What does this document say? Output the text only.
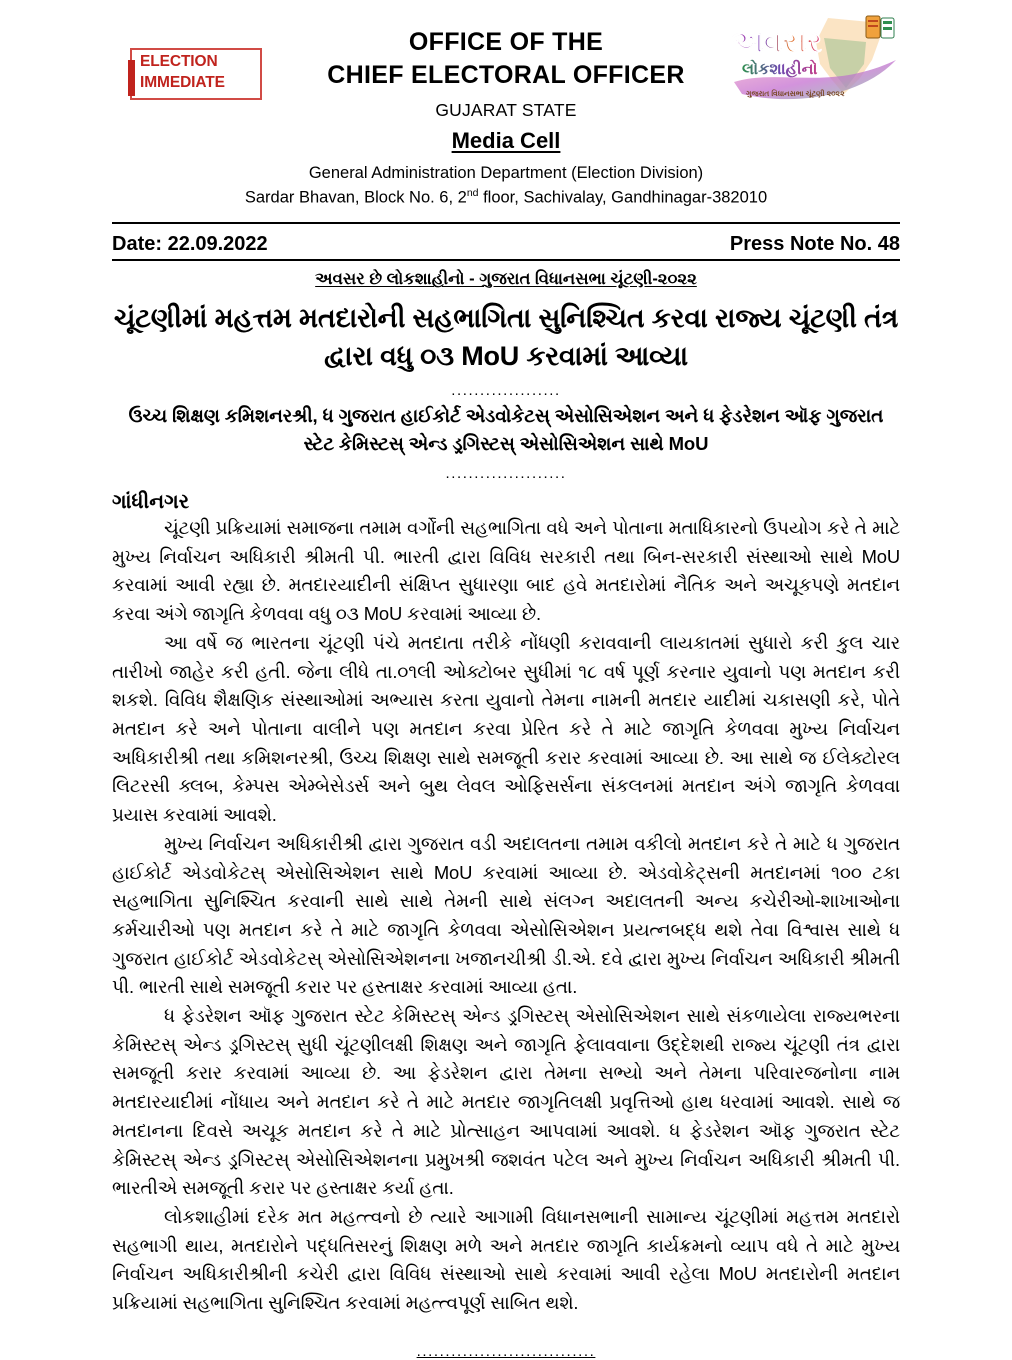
ELECTION
IMMEDIATE
અવસર
લોકશાહીનો
ગુજરાત વિધાનસભા ચૂંટણી ૨૦૨૨
OFFICE OF THE
CHIEF ELECTORAL OFFICER
GUJARAT STATE
Media Cell
General Administration Department (Election Division)
Sardar Bhavan, Block No. 6, 2nd floor, Sachivalay, Gandhinagar-382010
Date: 22.09.2022	Press Note No. 48
અવસર છે લોકશાહીનો - ગુજરાત વિધાનસભા ચૂંટણી-૨૦૨૨
ચૂંટણીમાં મહત્તમ મતદારોની સહભાગિતા સુનિશ્ચિત કરવા રાજ્ય ચૂંટણી તંત્ર દ્વારા વધુ ૦૩ MoU કરવામાં આવ્યા
...................
ઉચ્ચ શિક્ષણ કમિશનરશ્રી, ધ ગુજરાત હાઈકોર્ટ એડવોકેટસ્ એસોસિએશન અને ધ ફેડરેશન ઑફ ગુજરાત સ્ટેટ કેમિસ્ટસ્ એન્ડ ડ્રગિસ્ટસ્ એસોસિએશન સાથે MoU
.....................
ગાંધીનગર

ચૂંટણી પ્રક્રિયામાં સમાજના તમામ વર્ગોંની સહભાગિતા વધે અને પોતાના મતાધિકારનો ઉપયોગ કરે તે માટે મુખ્ય નિર્વાચન અધિકારી શ્રીમતી પી. ભારતી દ્વારા વિવિધ સરકારી તથા બિન-સરકારી સંસ્થાઓ સાથે MoU કરવામાં આવી રહ્યા છે. મતદારયાદીની સંક્ષિપ્ત સુધારણા બાદ હવે મતદારોમાં નૈતિક અને અચૂકપણે મતદાન કરવા અંગે જાગૃતિ કેળવવા વધુ ૦૩ MoU કરવામાં આવ્યા છે.

આ વર્ષે જ ભારતના ચૂંટણી પંચે મતદાતા તરીકે નોંધણી કરાવવાની લાયકાતમાં સુધારો કરી કુલ ચાર તારીખો જાહેર કરી હતી. જેના લીધે તા.૦૧લી ઓક્ટોબર સુધીમાં ૧૮ વર્ષ પૂર્ણ કરનાર યુવાનો પણ મતદાન કરી શકશે. વિવિધ શૈક્ષણિક સંસ્થાઓમાં અભ્યાસ કરતા યુવાનો તેમના નામની મતદાર યાદીમાં ચકાસણી કરે, પોતે મતદાન કરે અને પોતાના વાલીને પણ મતદાન કરવા પ્રેરિત કરે તે માટે જાગૃતિ કેળવવા મુખ્ય નિર્વાચન અધિકારીશ્રી તથા કમિશનરશ્રી, ઉચ્ચ શિક્ષણ સાથે સમજૂતી કરાર કરવામાં આવ્યા છે. આ સાથે જ ઈલેક્ટોરલ લિટરસી ક્લબ, કેમ્પસ એમ્બેસેડર્સ અને બુથ લેવલ ઓફિસર્સના સંકલનમાં મતદાન અંગે જાગૃતિ કેળવવા પ્રયાસ કરવામાં આવશે.

મુખ્ય નિર્વાચન અધિકારીશ્રી દ્વારા ગુજરાત વડી અદાલતના તમામ વકીલો મતદાન કરે તે માટે ધ ગુજરાત હાઈકોર્ટ એડવોકેટસ્ એસોસિએશન સાથે MoU કરવામાં આવ્યા છે. એડવોકેટ્સની મતદાનમાં ૧૦૦ ટકા સહભાગિતા સુનિશ્ચિત કરવાની સાથે સાથે તેમની સાથે સંલગ્ન અદાલતની અન્ય કચેરીઓ-શાખાઓના કર્મચારીઓ પણ મતદાન કરે તે માટે જાગૃતિ કેળવવા એસોસિએશન પ્રયત્નબદ્ધ થશે તેવા વિશ્વાસ સાથે ધ ગુજરાત હાઈકોર્ટ એડવોકેટસ્ એસોસિએશનના ખજાનચીશ્રી ડી.એ. દવે દ્વારા મુખ્ય નિર્વાચન અધિકારી શ્રીમતી પી. ભારતી સાથે સમજૂતી કરાર પર હસ્તાક્ષર કરવામાં આવ્યા હતા.

ધ ફેડરેશન ઑફ ગુજરાત સ્ટેટ કેમિસ્ટસ્ એન્ડ ડ્રગિસ્ટસ્ એસોસિએશન સાથે સંકળાયેલા રાજ્યભરના કેમિસ્ટસ્ એન્ડ ડ્રગિસ્ટસ્ સુધી ચૂંટણીલક્ષી શિક્ષણ અને જાગૃતિ ફેલાવવાના ઉદ્દેશથી રાજ્ય ચૂંટણી તંત્ર દ્વારા સમજૂતી કરાર કરવામાં આવ્યા છે. આ ફેડરેશન દ્વારા તેમના સભ્યો અને તેમના પરિવારજનોના નામ મતદારયાદીમાં નોંધાય અને મતદાન કરે તે માટે મતદાર જાગૃતિલક્ષી પ્રવૃત્તિઓ હાથ ધરવામાં આવશે. સાથે જ મતદાનના દિવસે અચૂક મતદાન કરે તે માટે પ્રોત્સાહન આપવામાં આવશે. ધ ફેડરેશન ઑફ ગુજરાત સ્ટેટ કેમિસ્ટસ્ એન્ડ ડ્રગિસ્ટસ્ એસોસિએશનના પ્રમુખશ્રી જશવંત પટેલ અને મુખ્ય નિર્વાચન અધિકારી શ્રીમતી પી. ભારતીએ સમજૂતી કરાર પર હસ્તાક્ષર કર્યા હતા.

લોકશાહીમાં દરેક મત મહત્ત્વનો છે ત્યારે આગામી વિધાનસભાની સામાન્ય ચૂંટણીમાં મહત્તમ મતદારો સહભાગી થાય, મતદારોને પદ્ધતિસરનું શિક્ષણ મળે અને મતદાર જાગૃતિ કાર્યક્રમનો વ્યાપ વધે તે માટે મુખ્ય નિર્વાચન અધિકારીશ્રીની કચેરી દ્વારા વિવિધ સંસ્થાઓ સાથે કરવામાં આવી રહેલા MoU મતદારોની મતદાન પ્રક્રિયામાં સહભાગિતા સુનિશ્ચિત કરવામાં મહત્ત્વપૂર્ણ સાબિત થશે.

...............................
